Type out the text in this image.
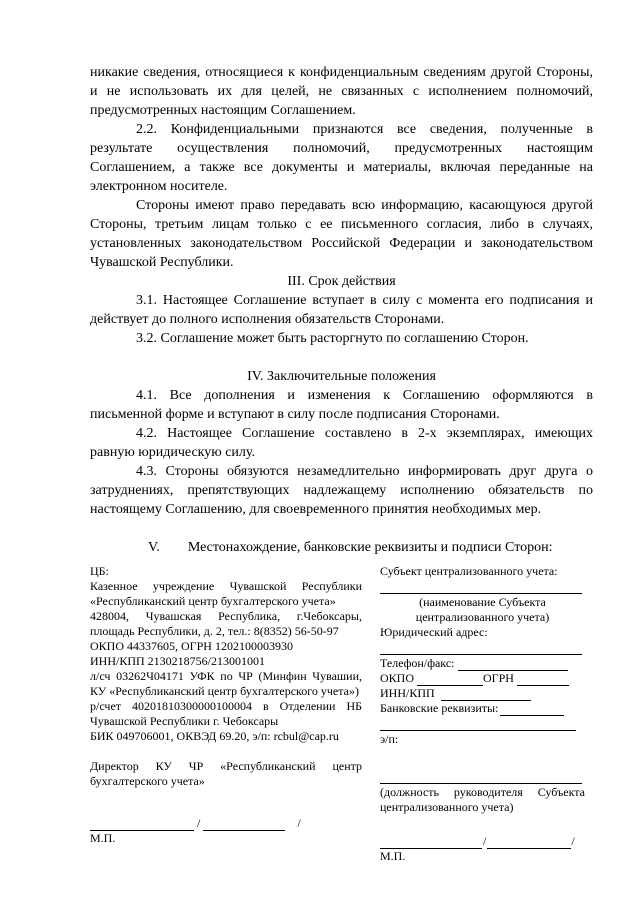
никакие сведения, относящиеся к конфиденциальным сведениям другой Стороны, и не использовать их для целей, не связанных с исполнением полномочий, предусмотренных настоящим Соглашением.

2.2. Конфиденциальными признаются все сведения, полученные в результате осуществления полномочий, предусмотренных настоящим Соглашением, а также все документы и материалы, включая переданные на электронном носителе.

Стороны имеют право передавать всю информацию, касающуюся другой Стороны, третьим лицам только с ее письменного согласия, либо в случаях, установленных законодательством Российской Федерации и законодательством Чувашской Республики.

III. Срок действия

3.1. Настоящее Соглашение вступает в силу с момента его подписания и действует до полного исполнения обязательств Сторонами.

3.2. Соглашение может быть расторгнуто по соглашению Сторон.

IV. Заключительные положения

4.1. Все дополнения и изменения к Соглашению оформляются в письменной форме и вступают в силу после подписания Сторонами.

4.2. Настоящее Соглашение составлено в 2-х экземплярах, имеющих равную юридическую силу.

4.3. Стороны обязуются незамедлительно информировать друг друга о затруднениях, препятствующих надлежащему исполнению обязательств по настоящему Соглашению, для своевременного принятия необходимых мер.

V. Местонахождение, банковские реквизиты и подписи Сторон:

ЦБ:

Казенное учреждение Чувашской Республики

«Республиканский центр бухгалтерского учета»

428004, Чувашская Республика, г.Чебоксары,

площадь Республики, д. 2, тел.: 8(8352) 56-50-97

ОКПО 44337605, ОГРН 1202100003930

ИНН/КПП 2130218756/213001001

л/сч 03262Ч04171 УФК по ЧР (Минфин Чувашии,

КУ «Республиканский центр бухгалтерского учета»)

р/счет 40201810300000100004 в Отделении НБ

Чувашской Республики г. Чебоксары

БИК 049706001, ОКВЭД 69.20, э/п: rcbul@cap.ru

Директор КУ ЧР «Республиканский центр

бухгалтерского учета»

/	/

М.П.

Субъект централизованного учета:

(наименование Субъекта

централизованного учета)

Юридический адрес:

Телефон/факс:

ОКПО	ОГРН

ИНН/КПП

Банковские реквизиты:

э/п:

(должность руководителя Субъекта

централизованного учета)

/	/

М.П.
